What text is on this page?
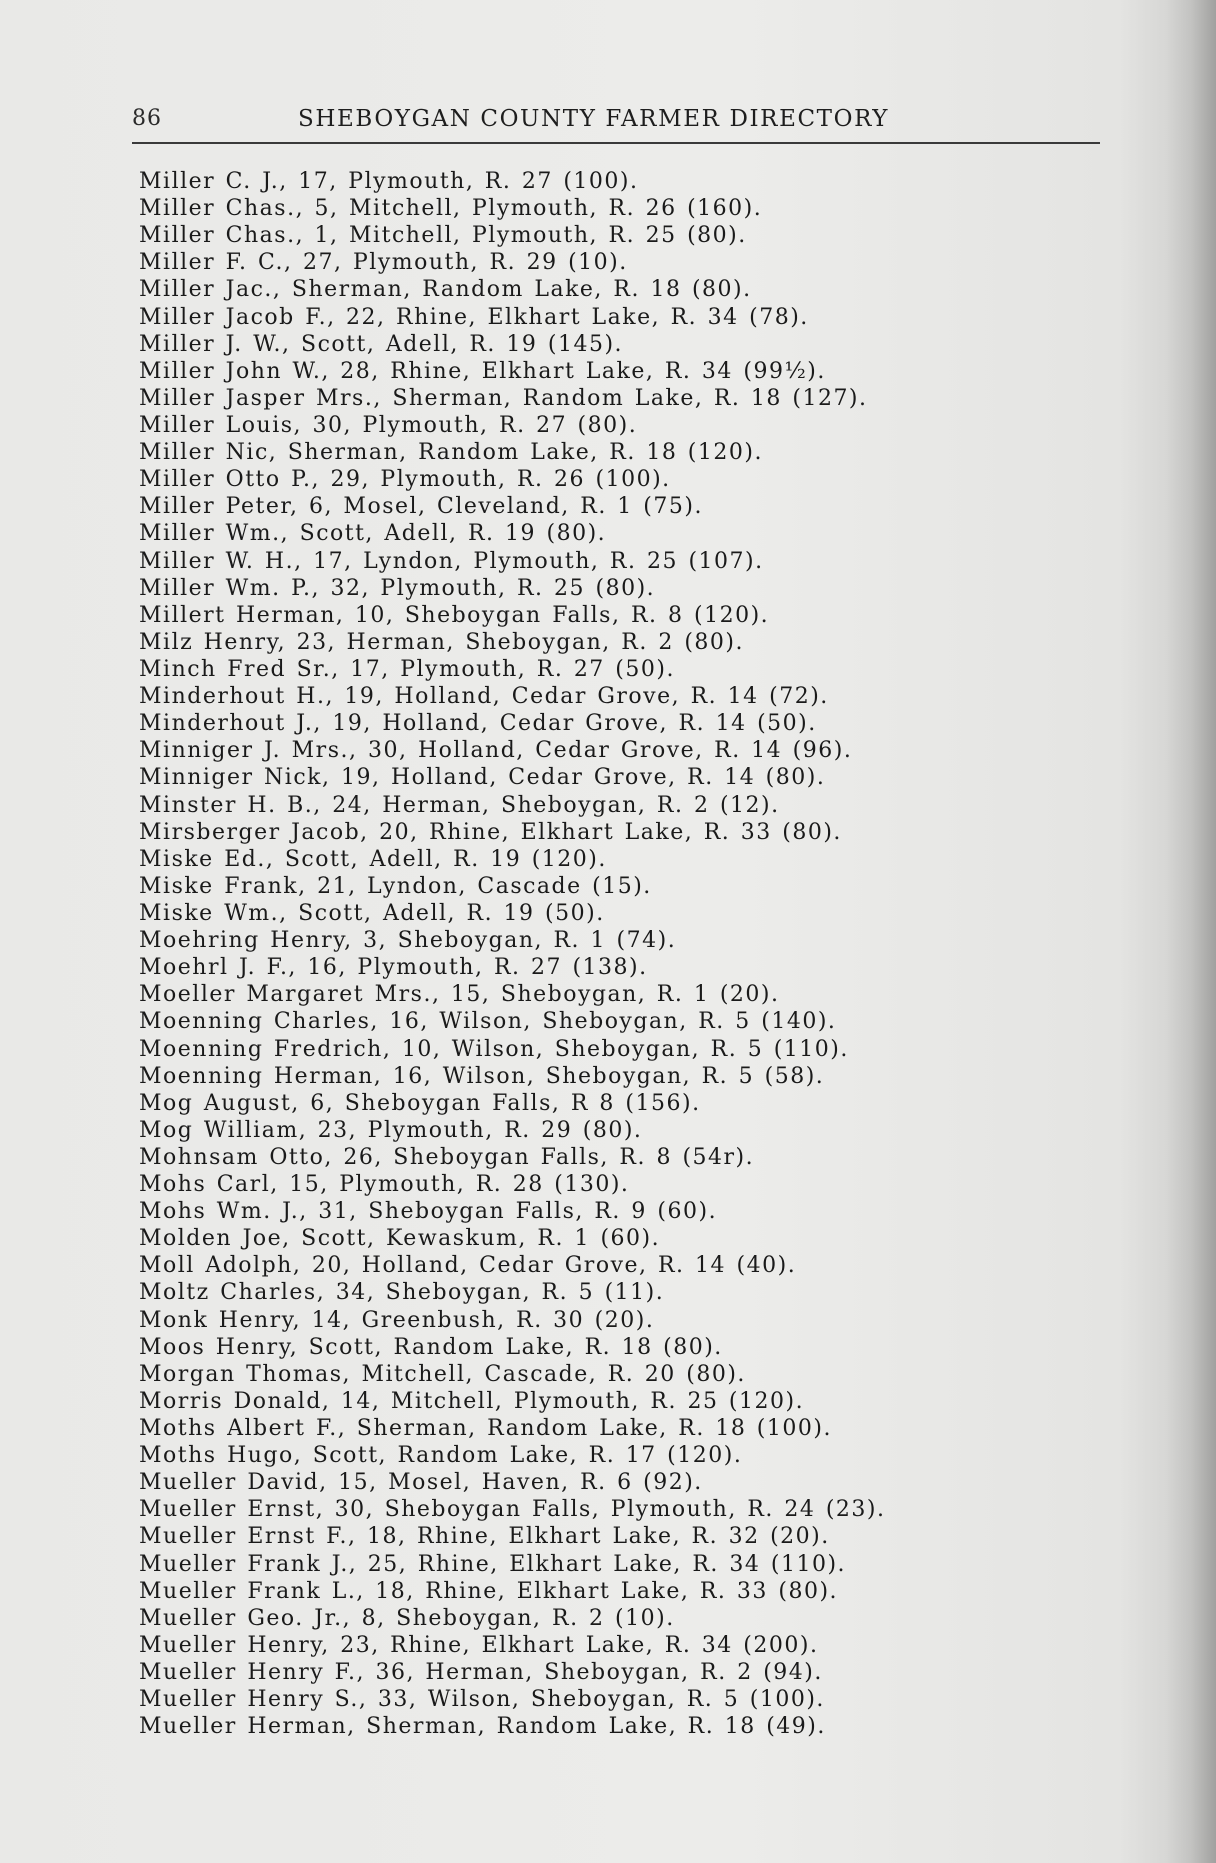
86	SHEBOYGAN COUNTY FARMER DIRECTORY
Miller C. J., 17, Plymouth, R. 27 (100).
Miller Chas., 5, Mitchell, Plymouth, R. 26 (160).
Miller Chas., 1, Mitchell, Plymouth, R. 25 (80).
Miller F. C., 27, Plymouth, R. 29 (10).
Miller Jac., Sherman, Random Lake, R. 18 (80).
Miller Jacob F., 22, Rhine, Elkhart Lake, R. 34 (78).
Miller J. W., Scott, Adell, R. 19 (145).
Miller John W., 28, Rhine, Elkhart Lake, R. 34 (99½).
Miller Jasper Mrs., Sherman, Random Lake, R. 18 (127).
Miller Louis, 30, Plymouth, R. 27 (80).
Miller Nic, Sherman, Random Lake, R. 18 (120).
Miller Otto P., 29, Plymouth, R. 26 (100).
Miller Peter, 6, Mosel, Cleveland, R. 1 (75).
Miller Wm., Scott, Adell, R. 19 (80).
Miller W. H., 17, Lyndon, Plymouth, R. 25 (107).
Miller Wm. P., 32, Plymouth, R. 25 (80).
Millert Herman, 10, Sheboygan Falls, R. 8 (120).
Milz Henry, 23, Herman, Sheboygan, R. 2 (80).
Minch Fred Sr., 17, Plymouth, R. 27 (50).
Minderhout H., 19, Holland, Cedar Grove, R. 14 (72).
Minderhout J., 19, Holland, Cedar Grove, R. 14 (50).
Minniger J. Mrs., 30, Holland, Cedar Grove, R. 14 (96).
Minniger Nick, 19, Holland, Cedar Grove, R. 14 (80).
Minster H. B., 24, Herman, Sheboygan, R. 2 (12).
Mirsberger Jacob, 20, Rhine, Elkhart Lake, R. 33 (80).
Miske Ed., Scott, Adell, R. 19 (120).
Miske Frank, 21, Lyndon, Cascade (15).
Miske Wm., Scott, Adell, R. 19 (50).
Moehring Henry, 3, Sheboygan, R. 1 (74).
Moehrl J. F., 16, Plymouth, R. 27 (138).
Moeller Margaret Mrs., 15, Sheboygan, R. 1 (20).
Moenning Charles, 16, Wilson, Sheboygan, R. 5 (140).
Moenning Fredrich, 10, Wilson, Sheboygan, R. 5 (110).
Moenning Herman, 16, Wilson, Sheboygan, R. 5 (58).
Mog August, 6, Sheboygan Falls, R 8 (156).
Mog William, 23, Plymouth, R. 29 (80).
Mohnsam Otto, 26, Sheboygan Falls, R. 8 (54r).
Mohs Carl, 15, Plymouth, R. 28 (130).
Mohs Wm. J., 31, Sheboygan Falls, R. 9 (60).
Molden Joe, Scott, Kewaskum, R. 1 (60).
Moll Adolph, 20, Holland, Cedar Grove, R. 14 (40).
Moltz Charles, 34, Sheboygan, R. 5 (11).
Monk Henry, 14, Greenbush, R. 30 (20).
Moos Henry, Scott, Random Lake, R. 18 (80).
Morgan Thomas, Mitchell, Cascade, R. 20 (80).
Morris Donald, 14, Mitchell, Plymouth, R. 25 (120).
Moths Albert F., Sherman, Random Lake, R. 18 (100).
Moths Hugo, Scott, Random Lake, R. 17 (120).
Mueller David, 15, Mosel, Haven, R. 6 (92).
Mueller Ernst, 30, Sheboygan Falls, Plymouth, R. 24 (23).
Mueller Ernst F., 18, Rhine, Elkhart Lake, R. 32 (20).
Mueller Frank J., 25, Rhine, Elkhart Lake, R. 34 (110).
Mueller Frank L., 18, Rhine, Elkhart Lake, R. 33 (80).
Mueller Geo. Jr., 8, Sheboygan, R. 2 (10).
Mueller Henry, 23, Rhine, Elkhart Lake, R. 34 (200).
Mueller Henry F., 36, Herman, Sheboygan, R. 2 (94).
Mueller Henry S., 33, Wilson, Sheboygan, R. 5 (100).
Mueller Herman, Sherman, Random Lake, R. 18 (49).
